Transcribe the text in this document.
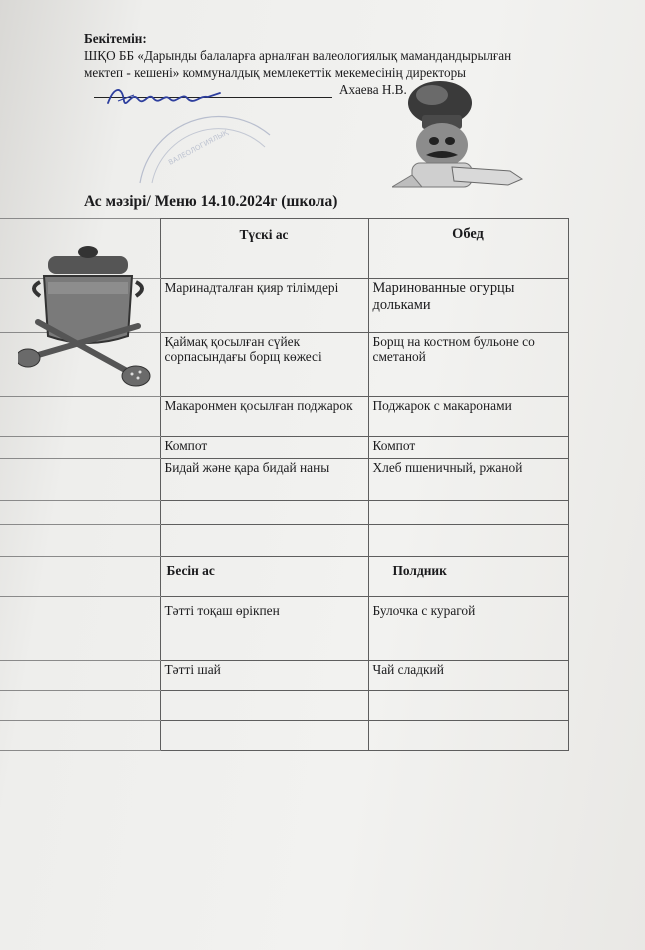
Бекітемін:
ШҚО ББ «Дарынды балаларға арналған валеологиялық мамандандырылған
мектеп - кешені» коммуналдық мемлекеттік мекемесінің директоры
Ахаева Н.В.
ВАЛЕОЛОГИЯЛЫҚ
Ас мәзірі/ Меню 14.10.2024г (школа)
	Түскі ас	Обед
	Маринадталған қияр тілімдері	Маринованные огурцы дольками
	Қаймақ қосылған сүйек сорпасындағы борщ көжесі	Борщ на костном бульоне со сметаной
	Макаронмен қосылған поджарок	Поджарок с макаронами
	Компот	Компот
	Бидай және қара бидай наны	Хлеб пшеничный, ржаной

	Бесін ас	Полдник
	Тәтті тоқаш өрікпен	Булочка с курагой
	Тәтті шай	Чай сладкий
